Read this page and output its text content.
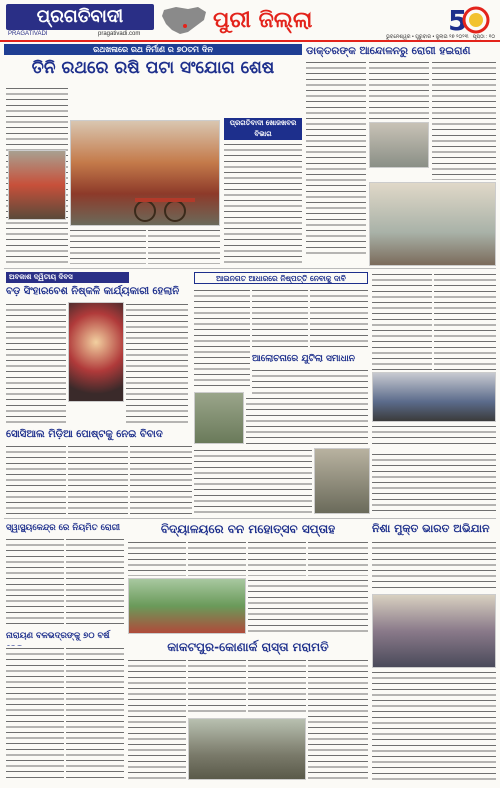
ପ୍ରଗତିବାଦୀ
PRAGATIVADI	pragativadi.com
ପୁରୀ ଜିଲ୍ଲା	5
ଭୁବନେଶ୍ୱର • ଗୁରୁବାର • ଜୁଲାଇ ୨୭ ୨୦୨୩ ପୃଷ୍ଠା : ୧୦
ରଥଖଳାରେ ରଥ ନିର୍ମାଣ ର ୭୦ତମ ଦିନ
ତିନି ରଥରେ ରଷି ପଟା ସଂଯୋଗ ଶେଷ
ପ୍ରଗତିବାଦୀ ଖୋଜଖବର ବିଭାଗ
ଡାକ୍ତରଙ୍କ ଆନ୍ଦୋଳନରୁ ରୋଗୀ ହଇରାଣ
ଅବକାଶ ଦ୍ୱିତୀୟ ଦିବସ
ବଡ଼ ସିଂହାରବେଶ ନିଷ୍କଳି କାର୍ଯ୍ୟକାରୀ ହେଲାନି
ଆଇନଗତ ଆଧାରରେ ନିଷ୍ପତ୍ତି ନେବାକୁ ଦାବି
ଆଲୋଚନାରେ ଯୁଟିଲା ସମାଧାନ
ସୋସିଆଲ ମିଡ଼ିଆ ପୋଷ୍ଟକୁ ନେଇ ବିବାଦ
ସ୍ୱାସ୍ଥ୍ୟକେନ୍ଦ୍ର ରେ ନିୟମିତ ରୋଗୀ	ବିଦ୍ୟାଳୟରେ ବନ ମହୋତ୍ସବ ସପ୍ତାହ	ନିଶା ମୁକ୍ତ ଭାରତ ଅଭିଯାନ
ନାରାୟଣ ବଳଭଦ୍ରଙ୍କୁ ୭୦ ବର୍ଷ
କାକଟପୁର-କୋଣାର୍କ ରାସ୍ତା ମରାମତି
